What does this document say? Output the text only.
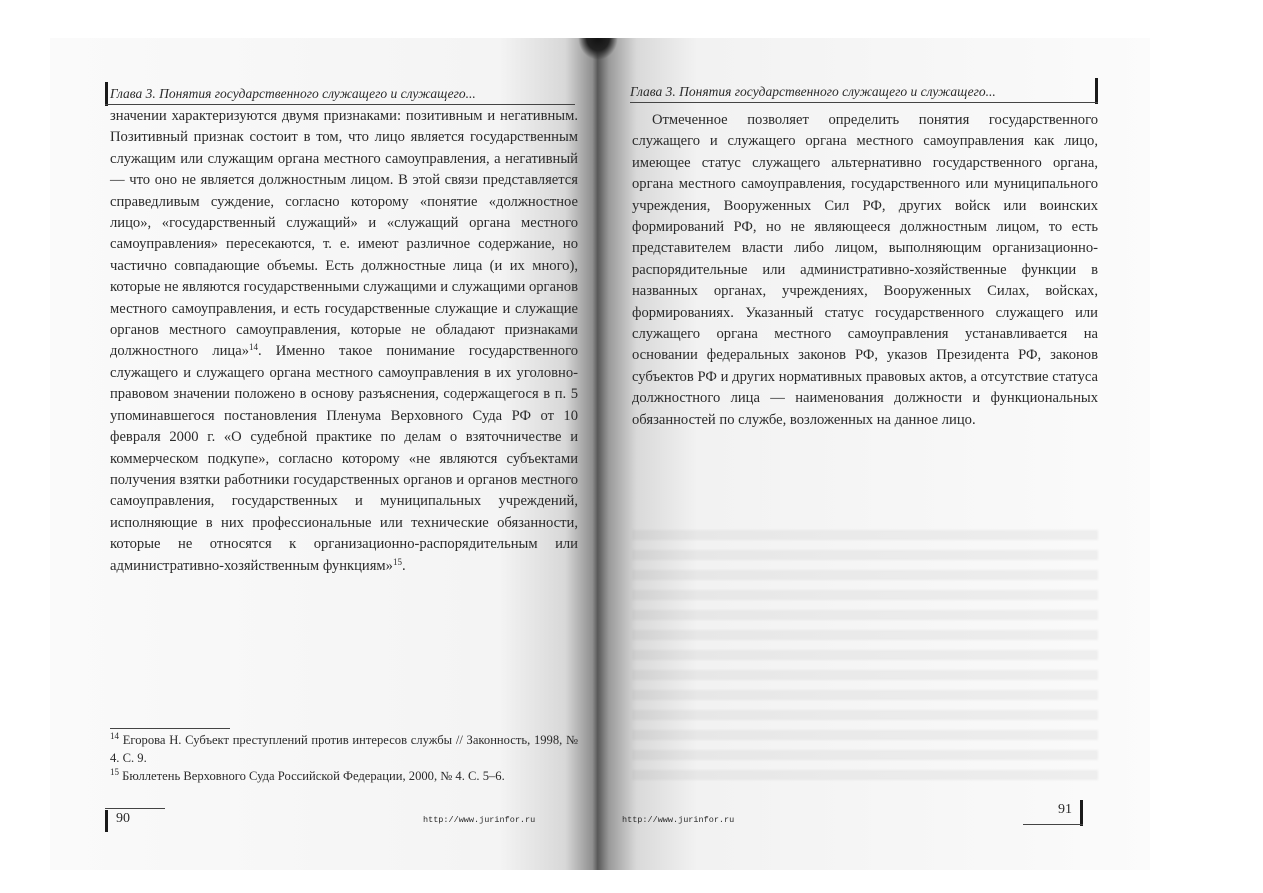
Глава 3. Понятия государственного служащего и служащего...

значении характеризуются двумя признаками: позитивным и негативным. Позитивный признак состоит в том, что лицо является государственным служащим или служащим органа местного самоуправления, а негативный — что оно не является должностным лицом. В этой связи представляется справедливым суждение, согласно которому «понятие «должностное лицо», «государственный служащий» и «служащий органа местного самоуправления» пересекаются, т. е. имеют различное содержание, но частично совпадающие объемы. Есть должностные лица (и их много), которые не являются государственными служащими и служащими органов местного самоуправления, и есть государственные служащие и служащие органов местного самоуправления, которые не обладают признаками должностного лица»$^{14}$. Именно такое понимание государственного служащего и служащего органа местного самоуправления в их уголовно-правовом значении положено в основу разъяснения, содержащегося в п. 5 упоминавшегося постановления Пленума Верховного Суда РФ от 10 февраля 2000 г. «О судебной практике по делам о взяточничестве и коммерческом подкупе», согласно которому «не являются субъектами получения взятки работники государственных органов и органов местного самоуправления, государственных и муниципальных учреждений, исполняющие в них профессиональные или технические обязанности, которые не относятся к организационно-распорядительным или административно-хозяйственным функциям»$^{15}$.

$^{14}$ Егорова Н. Субъект преступлений против интересов службы // Законность, 1998, № 4. С. 9.

$^{15}$ Бюллетень Верховного Суда Российской Федерации, 2000, № 4. С. 5–6.

90	http://www.jurinfor.ru
Глава 3. Понятия государственного служащего и служащего...

Отмеченное позволяет определить понятия государственного служащего и служащего органа местного самоуправления как лицо, имеющее статус служащего альтернативно государственного органа, органа местного самоуправления, государственного или муниципального учреждения, Вооруженных Сил РФ, других войск или воинских формирований РФ, но не являющееся должностным лицом, то есть представителем власти либо лицом, выполняющим организационно-распорядительные или административно-хозяйственные функции в названных органах, учреждениях, Вооруженных Силах, войсках, формированиях. Указанный статус государственного служащего или служащего органа местного самоуправления устанавливается на основании федеральных законов РФ, указов Президента РФ, законов субъектов РФ и других нормативных правовых актов, а отсутствие статуса должностного лица — наименования должности и функциональных обязанностей по службе, возложенных на данное лицо.

http://www.jurinfor.ru
91
